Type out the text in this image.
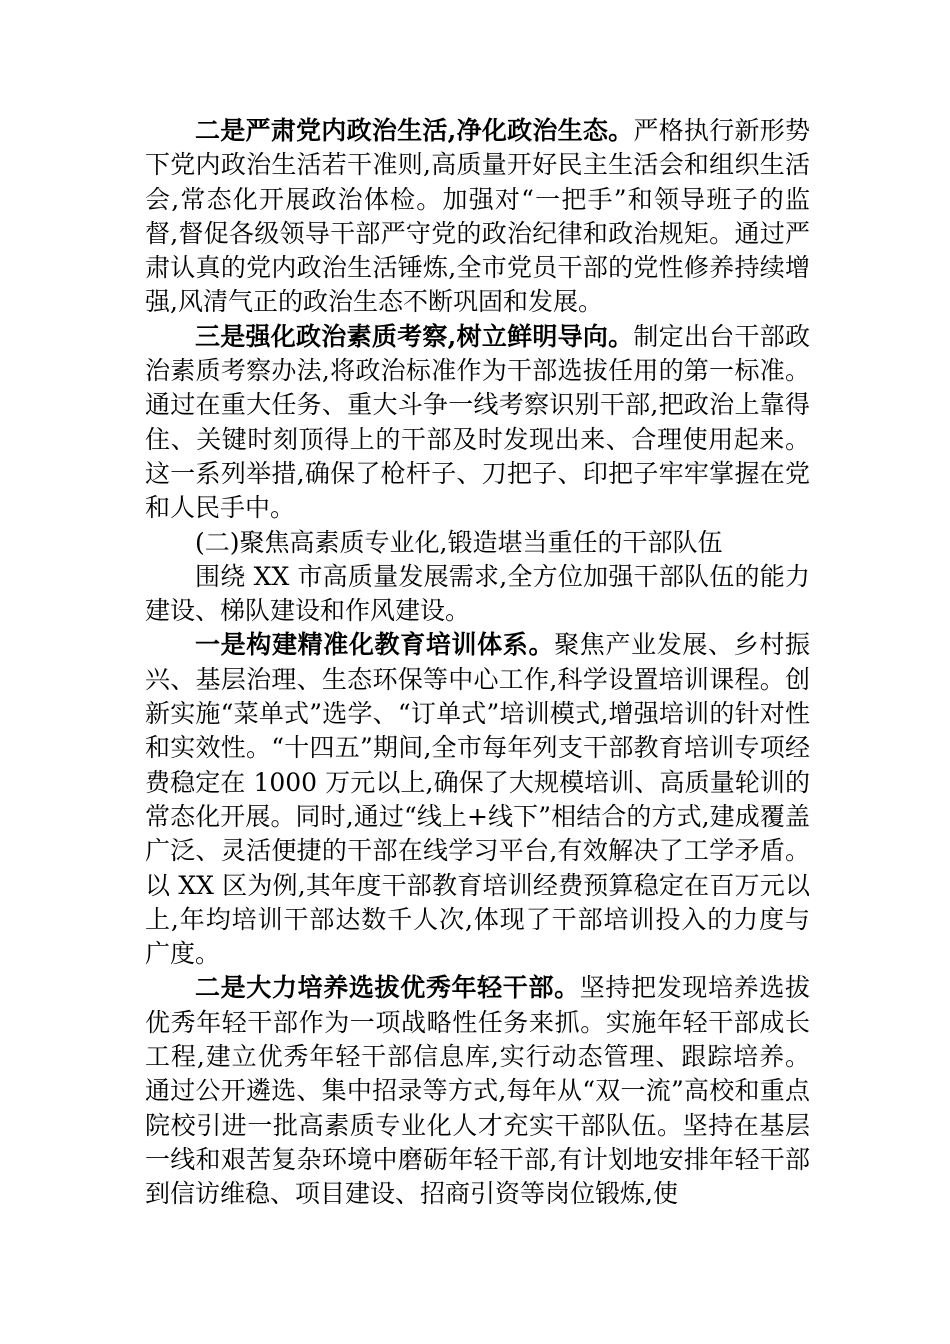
二是严肃党内政治生活,净化政治生态。严格执行新形势下党内政治生活若干准则,高质量开好民主生活会和组织生活会,常态化开展政治体检。加强对“一把手”和领导班子的监督,督促各级领导干部严守党的政治纪律和政治规矩。通过严肃认真的党内政治生活锤炼,全市党员干部的党性修养持续增强,风清气正的政治生态不断巩固和发展。

三是强化政治素质考察,树立鲜明导向。制定出台干部政治素质考察办法,将政治标准作为干部选拔任用的第一标准。通过在重大任务、重大斗争一线考察识别干部,把政治上靠得住、关键时刻顶得上的干部及时发现出来、合理使用起来。这一系列举措,确保了枪杆子、刀把子、印把子牢牢掌握在党和人民手中。

(二)聚焦高素质专业化,锻造堪当重任的干部队伍

围绕 XX 市高质量发展需求,全方位加强干部队伍的能力建设、梯队建设和作风建设。

一是构建精准化教育培训体系。聚焦产业发展、乡村振兴、基层治理、生态环保等中心工作,科学设置培训课程。创新实施“菜单式”选学、“订单式”培训模式,增强培训的针对性和实效性。“十四五”期间,全市每年列支干部教育培训专项经费稳定在 1000 万元以上,确保了大规模培训、高质量轮训的常态化开展。同时,通过“线上+线下”相结合的方式,建成覆盖广泛、灵活便捷的干部在线学习平台,有效解决了工学矛盾。以 XX 区为例,其年度干部教育培训经费预算稳定在百万元以上,年均培训干部达数千人次,体现了干部培训投入的力度与广度。

二是大力培养选拔优秀年轻干部。坚持把发现培养选拔优秀年轻干部作为一项战略性任务来抓。实施年轻干部成长工程,建立优秀年轻干部信息库,实行动态管理、跟踪培养。通过公开遴选、集中招录等方式,每年从“双一流”高校和重点院校引进一批高素质专业化人才充实干部队伍。坚持在基层一线和艰苦复杂环境中磨砺年轻干部,有计划地安排年轻干部到信访维稳、项目建设、招商引资等岗位锻炼,使
